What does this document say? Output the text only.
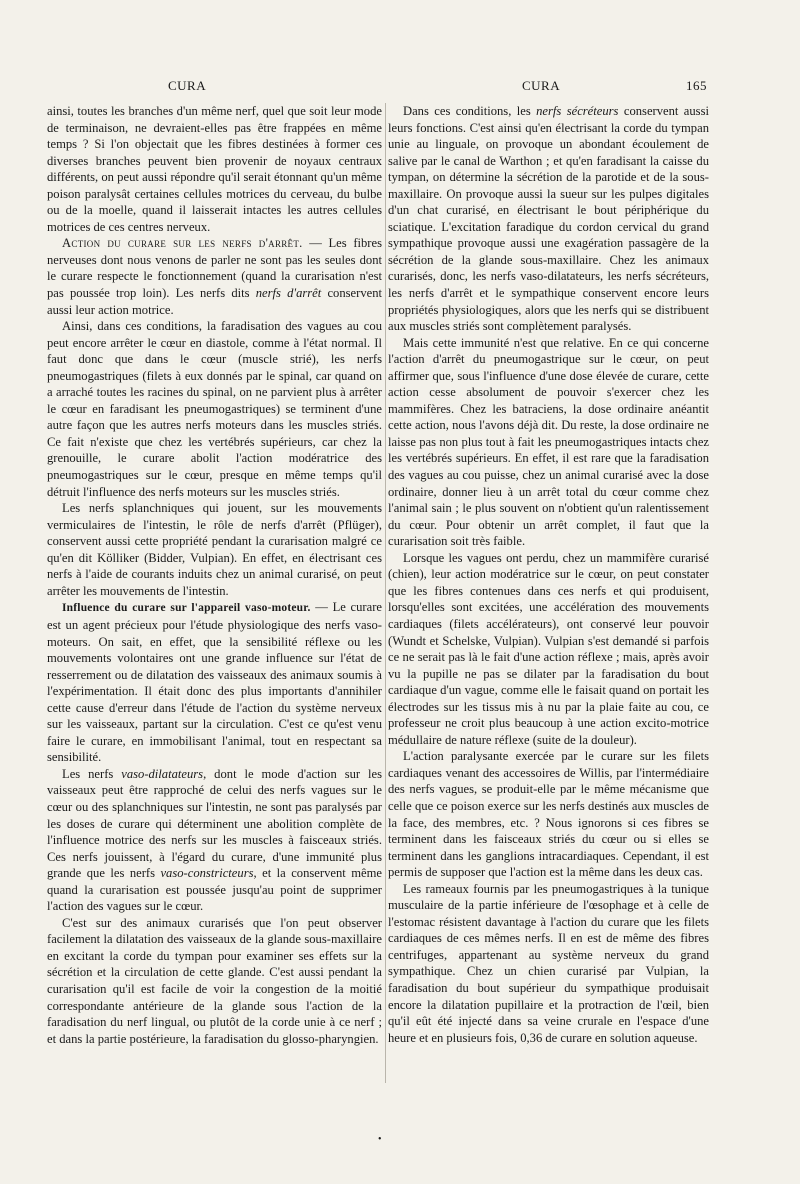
CURA	CURA	165

ainsi, toutes les branches d'un même nerf, quel que soit leur mode de terminaison, ne devraient-elles pas être frappées en même temps ? Si l'on objectait que les fibres destinées à former ces diverses branches peuvent bien provenir de noyaux centraux différents, on peut aussi répondre qu'il serait étonnant qu'un même poison paralysât certaines cellules motrices du cerveau, du bulbe ou de la moelle, quand il laisserait intactes les autres cellules motrices de ces centres nerveux.

Action du curare sur les nerfs d'arrêt. — Les fibres nerveuses dont nous venons de parler ne sont pas les seules dont le curare respecte le fonctionnement (quand la curarisation n'est pas poussée trop loin). Les nerfs dits nerfs d'arrêt conservent aussi leur action motrice.

Ainsi, dans ces conditions, la faradisation des vagues au cou peut encore arrêter le cœur en diastole, comme à l'état normal. Il faut donc que dans le cœur (muscle strié), les nerfs pneumogastriques (filets à eux donnés par le spinal, car quand on a arraché toutes les racines du spinal, on ne parvient plus à arrêter le cœur en faradisant les pneumogastriques) se terminent d'une autre façon que les autres nerfs moteurs dans les muscles striés. Ce fait n'existe que chez les vertébrés supérieurs, car chez la grenouille, le curare abolit l'action modératrice des pneumogastriques sur le cœur, presque en même temps qu'il détruit l'influence des nerfs moteurs sur les muscles striés.

Les nerfs splanchniques qui jouent, sur les mouvements vermiculaires de l'intestin, le rôle de nerfs d'arrêt (Pflüger), conservent aussi cette propriété pendant la curarisation malgré ce qu'en dit Kölliker (Bidder, Vulpian). En effet, en électrisant ces nerfs à l'aide de courants induits chez un animal curarisé, on peut arrêter les mouvements de l'intestin.

Influence du curare sur l'appareil vaso-moteur. — Le curare est un agent précieux pour l'étude physiologique des nerfs vaso-moteurs. On sait, en effet, que la sensibilité réflexe ou les mouvements volontaires ont une grande influence sur l'état de resserrement ou de dilatation des vaisseaux des animaux soumis à l'expérimentation. Il était donc des plus importants d'annihiler cette cause d'erreur dans l'étude de l'action du système nerveux sur les vaisseaux, partant sur la circulation. C'est ce qu'est venu faire le curare, en immobilisant l'animal, tout en respectant sa sensibilité.

Les nerfs vaso-dilatateurs, dont le mode d'action sur les vaisseaux peut être rapproché de celui des nerfs vagues sur le cœur ou des splanchniques sur l'intestin, ne sont pas paralysés par les doses de curare qui déterminent une abolition complète de l'influence motrice des nerfs sur les muscles à faisceaux striés. Ces nerfs jouissent, à l'égard du curare, d'une immunité plus grande que les nerfs vaso-constricteurs, et la conservent même quand la curarisation est poussée jusqu'au point de supprimer l'action des vagues sur le cœur.

C'est sur des animaux curarisés que l'on peut observer facilement la dilatation des vaisseaux de la glande sous-maxillaire en excitant la corde du tympan pour examiner ses effets sur la sécrétion et la circulation de cette glande. C'est aussi pendant la curarisation qu'il est facile de voir la congestion de la moitié correspondante antérieure de la glande sous l'action de la faradisation du nerf lingual, ou plutôt de la corde unie à ce nerf ; et dans la partie postérieure, la faradisation du glosso-pharyngien.

Dans ces conditions, les nerfs sécréteurs conservent aussi leurs fonctions. C'est ainsi qu'en électrisant la corde du tympan unie au linguale, on provoque un abondant écoulement de salive par le canal de Warthon ; et qu'en faradisant la caisse du tympan, on détermine la sécrétion de la parotide et de la sous-maxillaire. On provoque aussi la sueur sur les pulpes digitales d'un chat curarisé, en électrisant le bout périphérique du sciatique. L'excitation faradique du cordon cervical du grand sympathique provoque aussi une exagération passagère de la sécrétion de la glande sous-maxillaire. Chez les animaux curarisés, donc, les nerfs vaso-dilatateurs, les nerfs sécréteurs, les nerfs d'arrêt et le sympathique conservent encore leurs propriétés physiologiques, alors que les nerfs qui se distribuent aux muscles striés sont complètement paralysés.

Mais cette immunité n'est que relative. En ce qui concerne l'action d'arrêt du pneumogastrique sur le cœur, on peut affirmer que, sous l'influence d'une dose élevée de curare, cette action cesse absolument de pouvoir s'exercer chez les mammifères. Chez les batraciens, la dose ordinaire anéantit cette action, nous l'avons déjà dit. Du reste, la dose ordinaire ne laisse pas non plus tout à fait les pneumogastriques intacts chez les vertébrés supérieurs. En effet, il est rare que la faradisation des vagues au cou puisse, chez un animal curarisé avec la dose ordinaire, donner lieu à un arrêt total du cœur comme chez l'animal sain ; le plus souvent on n'obtient qu'un ralentissement du cœur. Pour obtenir un arrêt complet, il faut que la curarisation soit très faible.

Lorsque les vagues ont perdu, chez un mammifère curarisé (chien), leur action modératrice sur le cœur, on peut constater que les fibres contenues dans ces nerfs et qui produisent, lorsqu'elles sont excitées, une accélération des mouvements cardiaques (filets accélérateurs), ont conservé leur pouvoir (Wundt et Schelske, Vulpian). Vulpian s'est demandé si parfois ce ne serait pas là le fait d'une action réflexe ; mais, après avoir vu la pupille ne pas se dilater par la faradisation du bout cardiaque d'un vague, comme elle le faisait quand on portait les électrodes sur les tissus mis à nu par la plaie faite au cou, ce professeur ne croit plus beaucoup à une action excito-motrice médullaire de nature réflexe (suite de la douleur).

L'action paralysante exercée par le curare sur les filets cardiaques venant des accessoires de Willis, par l'intermédiaire des nerfs vagues, se produit-elle par le même mécanisme que celle que ce poison exerce sur les nerfs destinés aux muscles de la face, des membres, etc. ? Nous ignorons si ces fibres se terminent dans les faisceaux striés du cœur ou si elles se terminent dans les ganglions intracardiaques. Cependant, il est permis de supposer que l'action est la même dans les deux cas.

Les rameaux fournis par les pneumogastriques à la tunique musculaire de la partie inférieure de l'œsophage et à celle de l'estomac résistent davantage à l'action du curare que les filets cardiaques de ces mêmes nerfs. Il en est de même des fibres centrifuges, appartenant au système nerveux du grand sympathique. Chez un chien curarisé par Vulpian, la faradisation du bout supérieur du sympathique produisait encore la dilatation pupillaire et la protraction de l'œil, bien qu'il eût été injecté dans sa veine crurale en l'espace d'une heure et en plusieurs fois, 0,36 de curare en solution aqueuse.

•
